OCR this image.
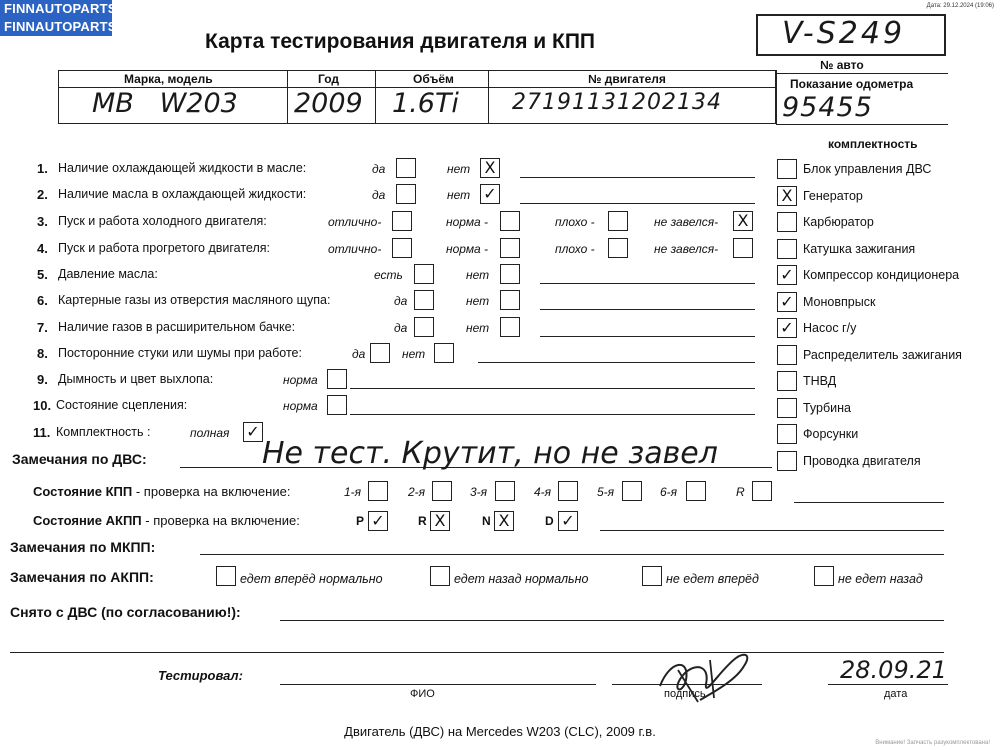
FINNAUTOPARTS
FINNAUTOPARTS
Дата: 29.12.2024 (19:06)
Карта тестирования двигателя и КПП	V-S249
№ авто
Показание одометра
95455
Марка, модель	Год	Объём	№ двигателя
MB   W203 2009 1.6Ti 27191131202134
комплектность
Блок управления ДВС
X Генератор
Карбюратор
Катушка зажигания
✓ Компрессор кондиционера
✓ Моновпрыск
✓ Насос г/у
Распределитель зажигания
ТНВД
Турбина
Форсунки
Проводка двигателя
1. Наличие охлаждающей жидкости в масле:	да	нет X
2. Наличие масла в охлаждающей жидкости:	да	нет ✓
3. Пуск и работа холодного двигателя:	отлично-	норма -	плохо -	не завелся- X
4. Пуск и работа прогретого двигателя:	отлично-	норма -	плохо -	не завелся-
5. Давление масла:	есть	нет
6. Картерные газы из отверстия масляного щупа:	да	нет
7. Наличие газов в расширительном бачке:	да	нет
8. Посторонние стуки или шумы при работе:	да	нет
9. Дымность и цвет выхлопа:	норма
10. Состояние сцепления:	норма
11. Комплектность :	полная ✓
Замечания по ДВС:	Не тест. Крутит, но не завел
Состояние КПП - проверка на включение:	1-я	2-я	3-я	4-я	5-я	6-я	R
Состояние АКПП - проверка на включение:	P ✓	R X	N X	D ✓
Замечания по МКПП:
Замечания по АКПП:	едет вперёд нормально	едет назад нормально	не едет вперёд	не едет назад
Снято с ДВС (по согласованию!):
Тестировал:
ФИО	подпись	дата
28.09.21
Двигатель (ДВС) на Mercedes W203 (CLC), 2009 г.в.
Внимание! Запчасть разукомплектована!
